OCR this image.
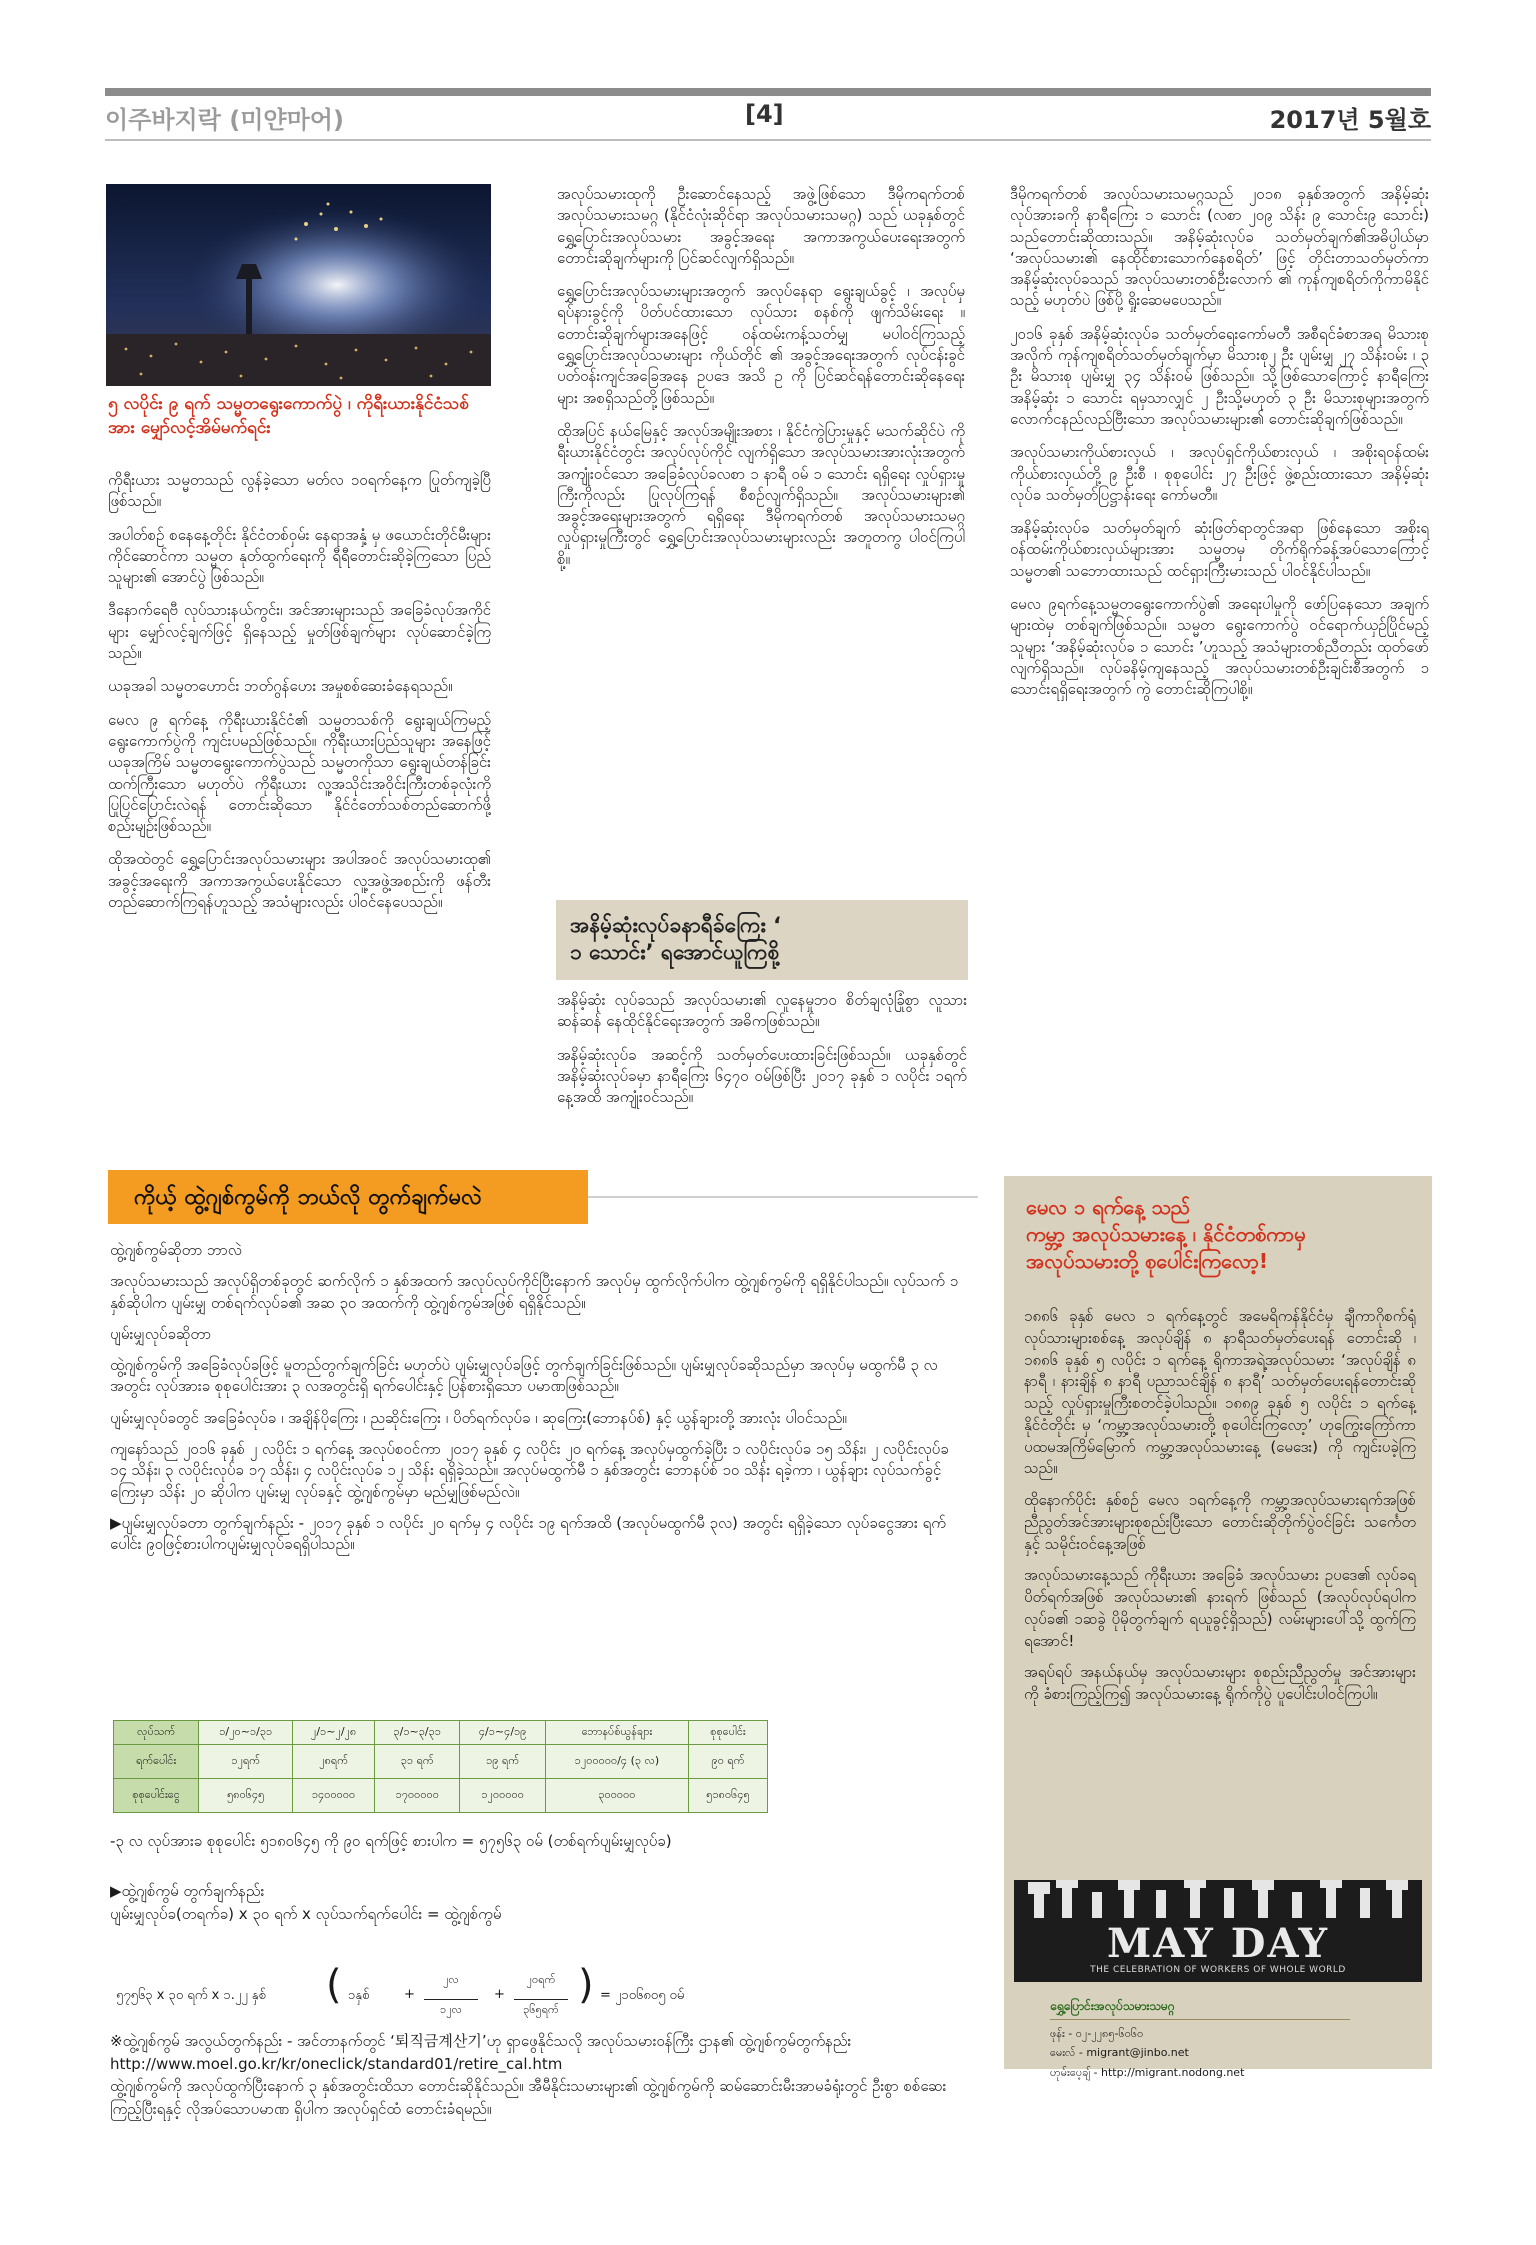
이주바지락 (미얀마어)	[4]	2017년 5월호
၅ လပိုင်း ၉ ရက် သမ္မတရွေးကောက်ပွဲ ၊ ကိုရီးယားနိုင်ငံသစ်အား မျှော်လင့်အိမ်မက်ရင်း

ကိုရီးယား သမ္မတသည် လွန်ခဲ့သော မတ်လ ၁၀ရက်နေ့က ပြုတ်ကျခဲ့ပြီ ဖြစ်သည်။

အပါတ်စဉ် စနေနေ့တိုင်း နိုင်ငံတစ်ဝှမ်း နေရာအနှံ့ မှ ဖယောင်းတိုင်မီးများ ကိုင်ဆောင်ကာ သမ္မတ နုတ်ထွက်ရေးကို ရီရီတောင်းဆိုခဲ့ကြသော ပြည်သူများ၏ အောင်ပွဲ ဖြစ်သည်။

ဒီနောက်ရေဗီ လုပ်သားနယ်ကွင်း၊ အင်အားများသည် အခြေခံလုပ်အကိုင်များ မျှော်လင့်ချက်ဖြင့် ရှိနေသည့် မှုတ်ဖြစ်ချက်များ လုပ်ဆောင်ခဲ့ကြသည်။

ယခုအခါ သမ္မတဟောင်း ဘတ်ဂွန်ဟေး အမှုစစ်ဆေးခံနေရသည်။

မေလ ၉ ရက်နေ့ ကိုရီးယားနိုင်ငံ၏ သမ္မတသစ်ကို ရွေးချယ်ကြမည့် ရွေးကောက်ပွဲကို ကျင်းပမည်ဖြစ်သည်။ ကိုရီးယားပြည်သူများ အနေဖြင့် ယခုအကြိမ် သမ္မတရွေးကောက်ပွဲသည် သမ္မတကိုသာ ရွေးချယ်တန်ခြင်းထက်ကြီးသော မဟုတ်ပဲ ကိုရီးယား လူ့အသိုင်းအဝိုင်းကြီးတစ်ခုလုံးကို ပြုပြင်ပြောင်းလဲရန် တောင်းဆိုသော နိုင်ငံတော်သစ်တည်ဆောက်ဖို့ စည်းမျဉ်းဖြစ်သည်။

ထိုအထဲတွင် ရွှေ့ပြောင်းအလုပ်သမားများ အပါအဝင် အလုပ်သမားထု၏ အခွင့်အရေးကို အကာအကွယ်ပေးနိုင်သော လူ့အဖွဲ့အစည်းကို ဖန်တီးတည်ဆောက်ကြရန်ဟူသည့် အသံများလည်း ပါဝင်နေပေသည်။

အလုပ်သမားထုကို ဦးဆောင်နေသည့် အဖွဲ့ဖြစ်သော ဒီမိုကရက်တစ် အလုပ်သမားသမဂ္ဂ (နိုင်ငံလုံးဆိုင်ရာ အလုပ်သမားသမဂ္ဂ) သည် ယခုနှစ်တွင် ရွှေ့ပြောင်းအလုပ်သမား အခွင့်အရေး အကာအကွယ်ပေးရေးအတွက် တောင်းဆိုချက်များကို ပြင်ဆင်လျက်ရှိသည်။

ရွှေ့ပြောင်းအလုပ်သမားများအတွက် အလုပ်နေရာ ရွေးချယ်ခွင့် ၊ အလုပ်မှ ရပ်နားခွင့်ကို ပိတ်ပင်ထားသော လုပ်သား စနစ်ကို ဖျက်သိမ်းရေး ။ တောင်းဆိုချက်များအနေဖြင့် ဝန်ထမ်းကန့်သတ်မျှ မပါဝင်ကြသည့် ရွှေ့ပြောင်းအလုပ်သမားများ ကိုယ်တိုင် ၏ အခွင့်အရေးအတွက် လုပ်ငန်းခွင် ပတ်ဝန်းကျင်အခြေအနေ ဥပဒေ အသိ ဥ ကို ပြင်ဆင်ရန်တောင်းဆိုနေရေးများ အစရှိသည်တို့ဖြစ်သည်။

ထိုအပြင် နယ်မြေနှင့် အလုပ်အမျိုးအစား ၊ နိုင်ငံကွဲပြားမှုနှင့် မသက်ဆိုင်ပဲ ကိုရီးယားနိုင်ငံတွင်း အလုပ်လုပ်ကိုင် လျက်ရှိသော အလုပ်သမားအားလုံးအတွက် အကျုံးဝင်သော အခြေခံလုပ်ခလစာ ၁ နာရီ ဝမ် ၁ သောင်း ရရှိရေး လှုပ်ရှားမှုကြီးကိုလည်း ပြုလုပ်ကြရန် စီစဉ်လျက်ရှိသည်။ အလုပ်သမားများ၏ အခွင့်အရေးများအတွက် ရရှိရေး ဒီမိုကရက်တစ် အလုပ်သမားသမဂ္ဂ လှုပ်ရှားမှုကြီးတွင် ရွှေ့ပြောင်းအလုပ်သမားများလည်း အတူတကွ ပါဝင်ကြပါစို့။

အနိမ့်ဆုံးလုပ်ခနာရီခ်ကြေး ‘
၁ သောင်း’ ရအောင်ယူကြစို့

အနိမ့်ဆုံး လုပ်ခသည် အလုပ်သမား၏ လူနေမှုဘဝ စိတ်ချလုံခြုံစွာ လူသားဆန်ဆန် နေထိုင်နိုင်ရေးအတွက် အဓိကဖြစ်သည်။

အနိမ့်ဆုံးလုပ်ခ အဆင့်ကို သတ်မှတ်ပေးထားခြင်းဖြစ်သည်။ ယခုနှစ်တွင် အနိမ့်ဆုံးလုပ်ခမှာ နာရီကြေး ၆၄၇၀ ဝမ်ဖြစ်ပြီး ၂၀၁၇ ခုနှစ် ၁ လပိုင်း ၁ရက်နေ့အထိ အကျုံးဝင်သည်။

ဒီမိုကရက်တစ် အလုပ်သမားသမဂ္ဂသည် ၂၀၁၈ ခုနှစ်အတွက် အနိမ့်ဆုံးလုပ်အားခကို နာရီကြေး ၁ သောင်း (လစာ ၂၀၉ သိန်း ၉ သောင်း၉ သောင်း) သည်တောင်းဆိုထားသည်။ အနိမ့်ဆုံးလုပ်ခ သတ်မှတ်ချက်၏အဓိပ္ပါယ်မှာ ‘အလုပ်သမား၏ နေထိုင်စားသောက်နေစရိတ်’ ဖြင့် တိုင်းတာသတ်မှတ်ကာ အနိမ့်ဆုံးလုပ်ခသည် အလုပ်သမားတစ်ဦးလောက် ၏ ကုန်ကျစရိတ်ကိုကာမိနိုင်သည့် မဟုတ်ပဲ ဖြစ်ပို့ ရှိုးဆေမပေသည်။

၂၀၁၆ ခုနှစ် အနိမ့်ဆုံးလုပ်ခ သတ်မှတ်ရေးကော်မတီ အစီရင်ခံစာအရ မိသားစုအလိုက် ကုန်ကျစရိတ်သတ်မှတ်ချက်မှာ မိသားစု၂ ဦး ပျမ်းမျှ ၂၇ သိန်းဝမ်း ၊ ၃ ဦး မိသားစု ပျမ်းမျှ ၃၄ သိန်းဝမ် ဖြစ်သည်။ သို့ဖြစ်သောကြောင့် နာရီကြေး အနိမ့်ဆုံး ၁ သောင်း ရမှသာလျှင် ၂ ဦးသို့မဟုတ် ၃ ဦး မိသားစုများအတွက် လောက်ငနည်လည်ဗြီးသော အလုပ်သမားများ၏ တောင်းဆိုချက်ဖြစ်သည်။

အလုပ်သမားကိုယ်စားလှယ် ၊ အလုပ်ရှင်ကိုယ်စားလှယ် ၊ အစိုးရဝန်ထမ်းကိုယ်စားလှယ်တို့ ၉ ဦးစီ ၊ စုစုပေါင်း ၂၇ ဦးဖြင့် ဖွဲ့စည်းထားသော အနိမ့်ဆုံးလုပ်ခ သတ်မှတ်ပြဋ္ဌာန်းရေး ကော်မတီ။

အနိမ့်ဆုံးလုပ်ခ သတ်မှတ်ချက် ဆုံးဖြတ်ရာတွင်အရာ ဖြစ်နေသော အစိုးရဝန်ထမ်းကိုယ်စားလှယ်များအား သမ္မတမှ တိုက်ရိုက်ခန့်အပ်သောကြောင့်သမ္မတ၏ သဘောထားသည် ထင်ရှားကြီးမားသည် ပါဝင်နိုင်ပါသည်။

မေလ ၉ရက်နေ့သမ္မတရွေးကောက်ပွဲ၏ အရေးပါမှုကို ဖော်ပြနေသော အချက်များထဲမှ တစ်ချက်ဖြစ်သည်။ သမ္မတ ရွေးကောက်ပွဲ ဝင်ရောက်ယှဉ်ပြိုင်မည့်သူများ ‘အနိမ့်ဆုံးလုပ်ခ ၁ သောင်း ’ဟူသည့် အသံများတစ်ညီတည်း ထုတ်ဖော်လျက်ရှိသည်။ လုပ်ခနိမ့်ကျနေသည့် အလုပ်သမားတစ်ဦးချင်းစီအတွက် ၁ သောင်းရရှိရေးအတွက် ကွဲ တောင်းဆိုကြပါစို့။

ကိုယ့် ထွဲ့ဂျစ်ကွမ်ကို ဘယ်လို တွက်ချက်မလဲ

ထွဲ့ဂျစ်ကွမ်ဆိုတာ ဘာလဲ

အလုပ်သမားသည် အလုပ်ရှိတစ်ခုတွင် ဆက်လိုက် ၁ နှစ်အထက် အလုပ်လုပ်ကိုင်ပြီးနောက် အလုပ်မှ ထွက်လိုက်ပါက ထွဲ့ဂျစ်ကွမ်ကို ရရှိနိုင်ပါသည်။ လုပ်သက် ၁ နှစ်ဆိုပါက ပျမ်းမျှ တစ်ရက်လုပ်ခ၏ အဆ ၃၀ အထက်ကို ထွဲ့ဂျစ်ကွမ်အဖြစ် ရရှိနိုင်သည်။

ပျမ်းမျှလုပ်ခဆိုတာ

ထွဲ့ဂျစ်ကွမ်ကို အခြေခံလုပ်ခဖြင့် မူတည်တွက်ချက်ခြင်း မဟုတ်ပဲ ပျမ်းမျှလုပ်ခဖြင့် တွက်ချက်ခြင်းဖြစ်သည်။ ပျမ်းမျှလုပ်ခဆိုသည်မှာ အလုပ်မှ မထွက်မီ ၃ လအတွင်း လုပ်အားခ စုစုပေါင်းအား ၃ လအတွင်းရှိ ရက်ပေါင်းနှင့် ပြန်စားရှိသော ပမာဏဖြစ်သည်။

ပျမ်းမျှလုပ်ခတွင် အခြေခံလုပ်ခ ၊ အချိန်ပိုကြေး ၊ ညဆိုင်းကြေး ၊ ပိတ်ရက်လုပ်ခ ၊ ဆုကြေး(ဘောနပ်စ်) နှင့် ယွန်ချားတို့ အားလုံး ပါဝင်သည်။

ကျနော်သည် ၂၀၁၆ ခုနှစ် ၂ လပိုင်း ၁ ရက်နေ့ အလုပ်စဝင်ကာ ၂၀၁၇ ခုနှစ် ၄ လပိုင်း ၂၀ ရက်နေ့ အလုပ်မှထွက်ခဲ့ပြီး ၁ လပိုင်းလုပ်ခ ၁၅ သိန်း၊ ၂ လပိုင်းလုပ်ခ ၁၄ သိန်း၊ ၃ လပိုင်းလုပ်ခ ၁၇ သိန်း၊ ၄ လပိုင်းလုပ်ခ ၁၂ သိန်း ရရှိခဲ့သည်။ အလုပ်မထွက်မီ ၁ နှစ်အတွင်း ဘောနပ်စ် ၁၀ သိန်း ရခဲ့ကာ ၊ ယွန်ချား လုပ်သက်ခွင့်ကြေးမှာ သိန်း ၂၀ ဆိုပါက ပျမ်းမျှ လုပ်ခနှင့် ထွဲ့ဂျစ်ကွမ်မှာ မည်မျှဖြစ်မည်လဲ။

▶ပျမ်းမျှလုပ်ခတာ တွက်ချက်နည်း - ၂၀၁၇ ခုနှစ် ၁ လပိုင်း ၂၀ ရက်မှ ၄ လပိုင်း ၁၉ ရက်အထိ (အလုပ်မထွက်မီ ၃လ) အတွင်း ရရှိခဲ့သော လုပ်ခငွေအား ရက်ပေါင်း ၉၀ဖြင့်စားပါကပျမ်းမျှလုပ်ခရရှိပါသည်။

လုပ်သက်	၁/၂၀~၁/၃၁	၂/၁~၂/၂၈	၃/၁~၃/၃၁	၄/၁~၄/၁၉	ဘောနပ်စ်ယွန်ချား	စုစုပေါင်း
ရက်ပေါင်း	၁၂ရက်	၂၈ရက်	၃၁ ရက်	၁၉ ရက်	၁၂၀၀၀၀၀/၄ (၃ လ)	၉၀ ရက်
စုစုပေါင်းငွေ	၅၈၀၆၄၅	၁၄၀၀၀၀၀	၁၇၀၀၀၀၀	၁၂၀၀၀၀၀	၃၀၀၀၀၀	၅၁၈၀၆၄၅
-၃ လ လုပ်အားခ စုစုပေါင်း ၅၁၈၀၆၄၅ ကို ၉၀ ရက်ဖြင့် စားပါက = ၅၇၅၆၃ ဝမ် (တစ်ရက်ပျမ်းမျှလုပ်ခ)
▶ထွဲ့ဂျစ်ကွမ် တွက်ချက်နည်း
ပျမ်းမျှလုပ်ခ(တရက်ခ) x ၃၀ ရက် x လုပ်သက်ရက်ပေါင်း = ထွဲ့ဂျစ်ကွမ်
၅၇၅၆၃ x ၃၀ ရက် x ၁.၂၂ နှစ် ( ၁နှစ်	+
၂လ
၁၂လ
+
၂၀ရက်
၃၆၅ရက်
) = ၂၁၀၆၈၀၅ ဝမ်
※ထွဲ့ဂျစ်ကွမ် အလွယ်တွက်နည်း - အင်တာနက်တွင် ‘퇴직금계산기’ဟု ရှာဖွေနိုင်သလို အလုပ်သမားဝန်ကြီး ဌာန၏ ထွဲ့ဂျစ်ကွမ်တွက်နည်း http://www.moel.go.kr/kr/oneclick/standard01/retire_cal.htm
ထွဲ့ဂျစ်ကွမ်ကို အလုပ်ထွက်ပြီးနောက် ၃ နှစ်အတွင်းထိသာ တောင်းဆိုနိုင်သည်။ အီမီနိုင်းသမားများ၏ ထွဲ့ဂျစ်ကွမ်ကို ဆမ်ဆောင်းမီးအာမခံရုံးတွင် ဦးစွာ စစ်ဆေးကြည့်ပြီးရနှင့် လိုအပ်သောပမာဏ ရှိပါက အလုပ်ရှင်ထံ တောင်းခံရမည်။
မေလ ၁ ရက်နေ့ သည်
ကမ္ဘာ့ အလုပ်သမားနေ့ ၊ နိုင်ငံတစ်ကာမှ
အလုပ်သမားတို့ စုပေါင်းကြလော့!

၁၈၈၆ ခုနှစ် မေလ ၁ ရက်နေ့တွင် အမေရိကန်နိုင်ငံမှ ချီကာဂိုစက်ရုံလုပ်သားများစစ်နေ့ အလုပ်ချိန် ၈ နာရီသတ်မှတ်ပေးရန် တောင်းဆို ၊ ၁၈၈၆ ခုနှစ် ၅ လပိုင်း ၁ ရက်နေ့ ရိုကာအရဲ့အလုပ်သမား ‘အလုပ်ချိန် ၈ နာရီ ၊ နားချိန် ၈ နာရီ ပညာသင်ချိန် ၈ နာရီ’ သတ်မှတ်ပေးရန်တောင်းဆိုသည့် လှုပ်ရှားမှုကြီးစတင်ခဲ့ပါသည်။ ၁၈၈၉ ခုနှစ် ၅ လပိုင်း ၁ ရက်နေ့ နိုင်ငံတိုင်း မှ ‘ကမ္ဘာ့အလုပ်သမားတို့ စုပေါင်းကြလော့’ ဟုကြွေးကြော်ကာ ပထမအကြိမ်မြောက် ကမ္ဘာ့အလုပ်သမားနေ့ (မေဒေး) ကို ကျင်းပခဲ့ကြသည်။

ထိုနောက်ပိုင်း နှစ်စဉ် မေလ ၁ရက်နေ့ကို ကမ္ဘာ့အလုပ်သမားရက်အဖြစ် ညီညွတ်အင်အားများစုစည်းပြီးသော တောင်းဆိုတိုက်ပွဲဝင်ခြင်း သင်္ကေတနှင့် သမိုင်းဝင်နေ့အဖြစ်

အလုပ်သမားနေ့သည် ကိုရီးယား အခြေခံ အလုပ်သမား ဥပဒေ၏ လုပ်ခရ ပိတ်ရက်အဖြစ် အလုပ်သမား၏ နားရက် ဖြစ်သည် (အလုပ်လုပ်ရပါက လုပ်ခ၏ ၁ဆခွဲ ပိုမိုတွက်ချက် ရယူခွင့်ရှိသည်) လမ်းများပေါ်သို့ ထွက်ကြရအောင်!

အရပ်ရပ် အနယ်နယ်မှ အလုပ်သမားများ စုစည်းညီညွတ်မှု အင်အားများကို ခံစားကြည့်ကြ၍ အလုပ်သမားနေ့ ရိုက်ကိုပွဲ ပူပေါင်းပါဝင်ကြပါ။

MAY DAY
THE CELEBRATION OF WORKERS OF WHOLE WORLD
ရွှေ့ပြောင်းအလုပ်သမားသမဂ္ဂ
ဖုန်း - ၀၂-၂၂၈၅-၆၀၆၀
မေးလ် - migrant@jinbo.net
ဟုမ်းပေ့ချ် - http://migrant.nodong.net
